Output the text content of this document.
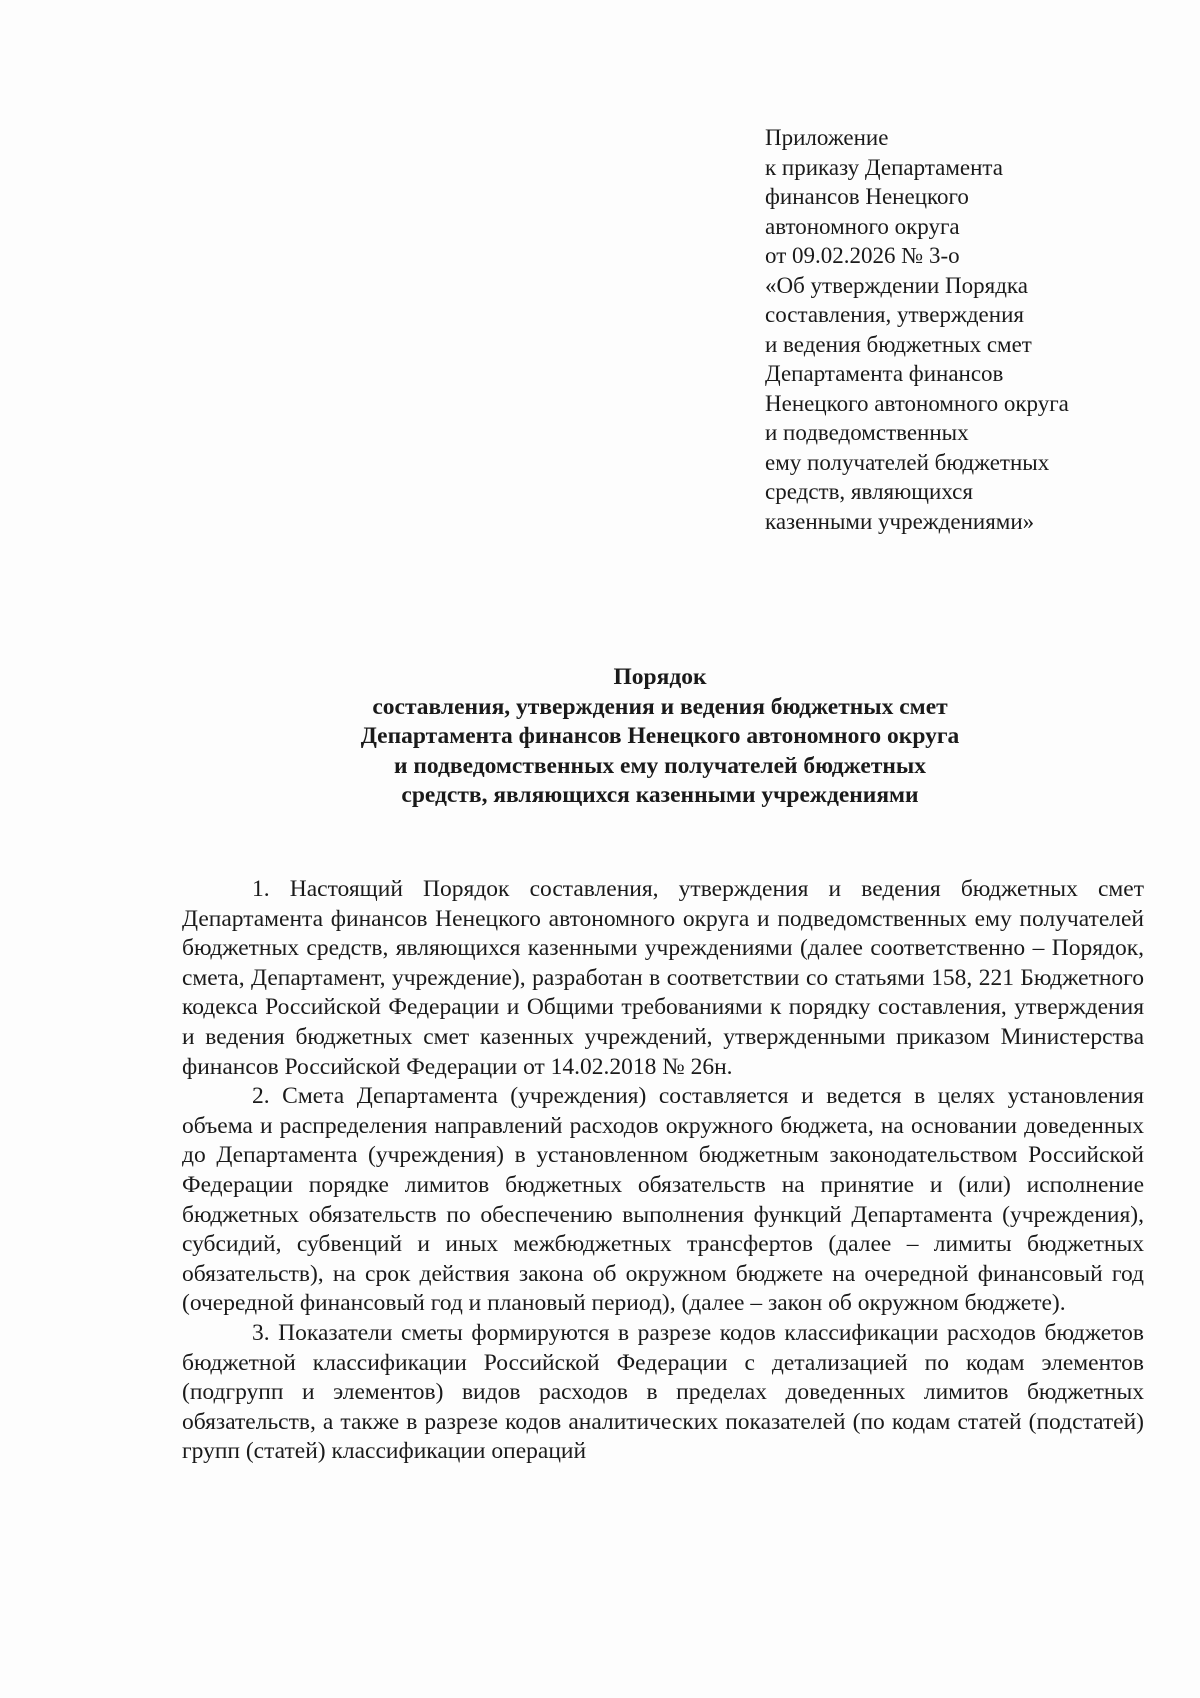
Приложение
к приказу Департамента
финансов Ненецкого
автономного округа
от 09.02.2026 № 3-о
«Об утверждении Порядка
составления, утверждения
и ведения бюджетных смет
Департамента финансов
Ненецкого автономного округа
и подведомственных
ему получателей бюджетных
средств, являющихся
казенными учреждениями»
Порядок
составления, утверждения и ведения бюджетных смет
Департамента финансов Ненецкого автономного округа
и подведомственных ему получателей бюджетных
средств, являющихся казенными учреждениями

1. Настоящий Порядок составления, утверждения и ведения бюджетных смет Департамента финансов Ненецкого автономного округа и подведомственных ему получателей бюджетных средств, являющихся казенными учреждениями (далее соответственно – Порядок, смета, Департамент, учреждение), разработан в соответствии со статьями 158, 221 Бюджетного кодекса Российской Федерации и Общими требованиями к порядку составления, утверждения и ведения бюджетных смет казенных учреждений, утвержденными приказом Министерства финансов Российской Федерации от 14.02.2018 № 26н.

2. Смета Департамента (учреждения) составляется и ведется в целях установления объема и распределения направлений расходов окружного бюджета, на основании доведенных до Департамента (учреждения) в установленном бюджетным законодательством Российской Федерации порядке лимитов бюджетных обязательств на принятие и (или) исполнение бюджетных обязательств по обеспечению выполнения функций Департамента (учреждения), субсидий, субвенций и иных межбюджетных трансфертов (далее – лимиты бюджетных обязательств), на срок действия закона об окружном бюджете на очередной финансовый год (очередной финансовый год и плановый период), (далее – закон об окружном бюджете).

3. Показатели сметы формируются в разрезе кодов классификации расходов бюджетов бюджетной классификации Российской Федерации с детализацией по кодам элементов (подгрупп и элементов) видов расходов в пределах доведенных лимитов бюджетных обязательств, а также в разрезе кодов аналитических показателей (по кодам статей (подстатей) групп (статей) классификации операций
